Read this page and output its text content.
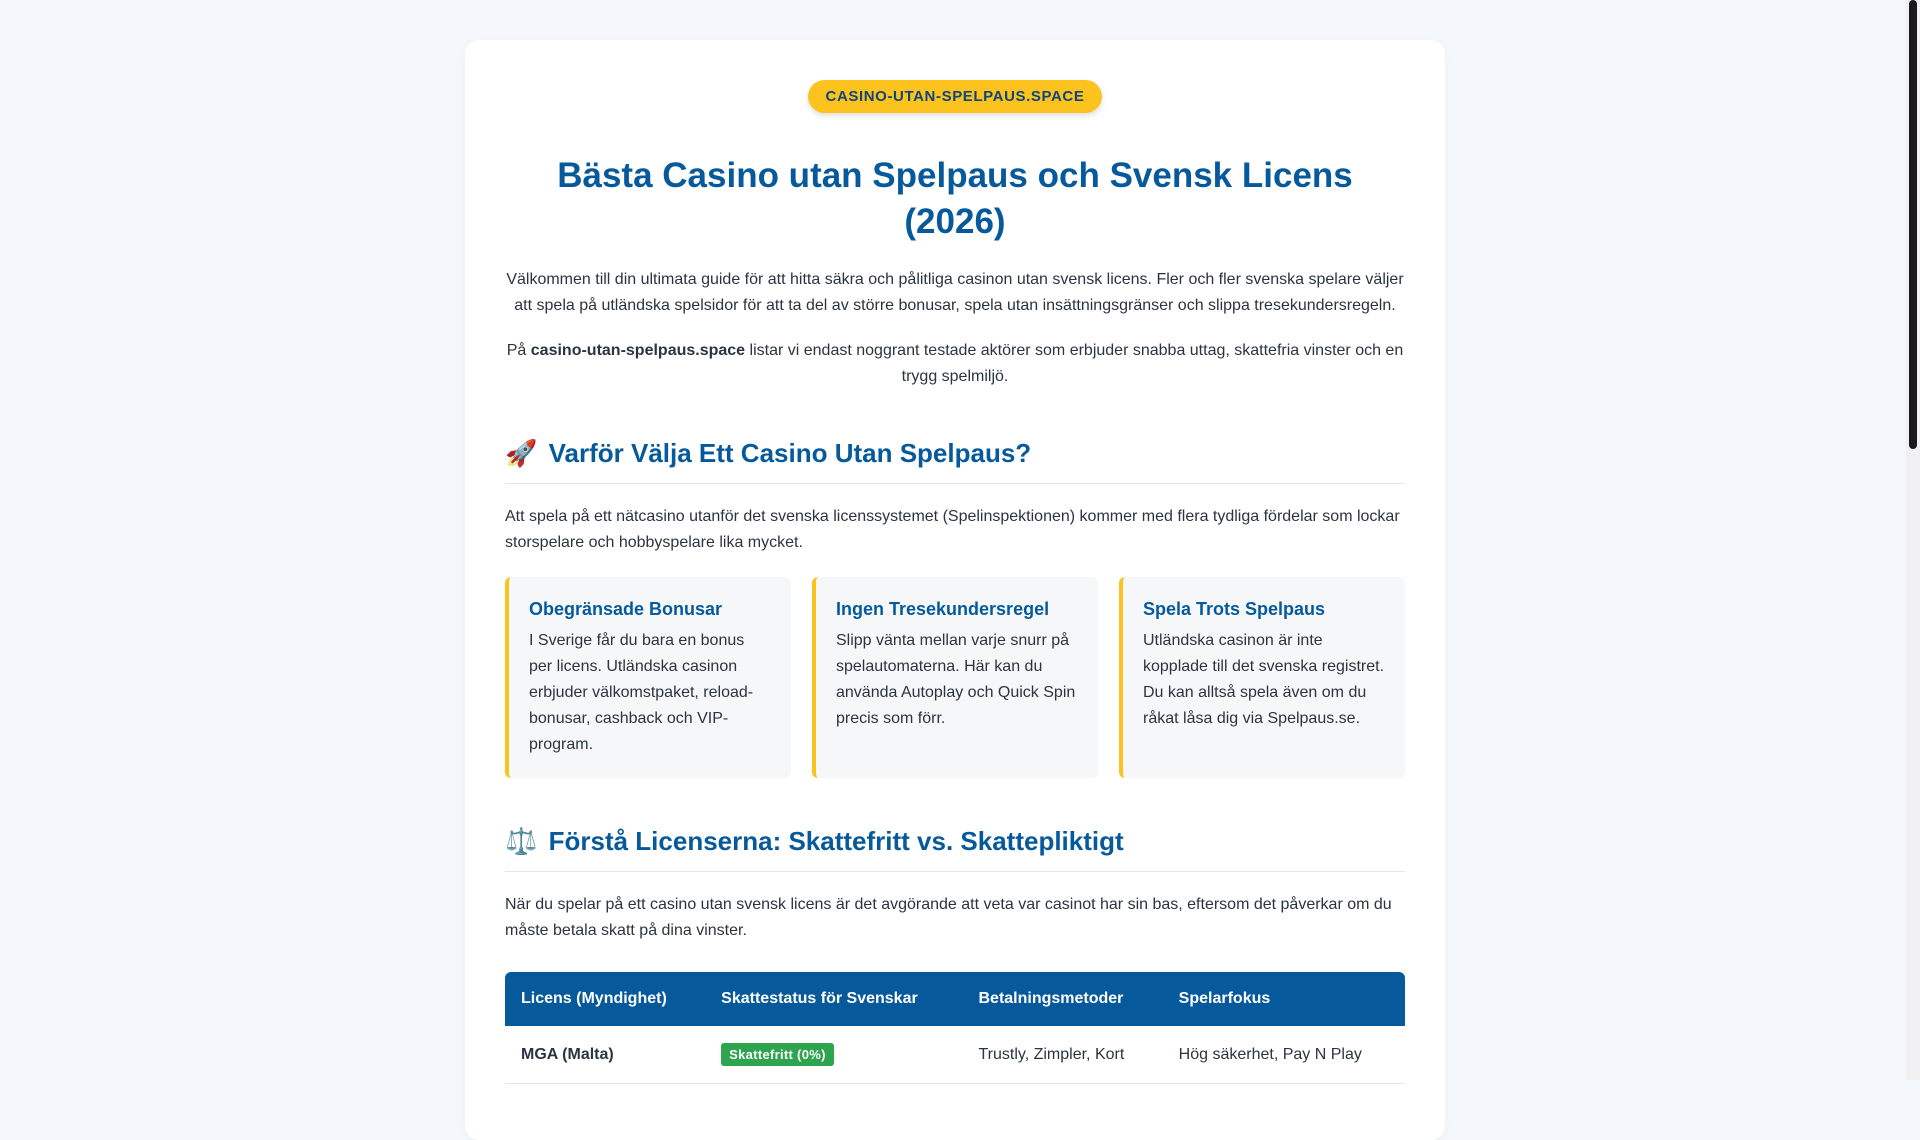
CASINO-UTAN-SPELPAUS.SPACE
Bästa Casino utan Spelpaus och Svensk Licens (2026)

Välkommen till din ultimata guide för att hitta säkra och pålitliga casinon utan svensk licens. Fler och fler svenska spelare väljer att spela på utländska spelsidor för att ta del av större bonusar, spela utan insättningsgränser och slippa tresekundersregeln.

På casino-utan-spelpaus.space listar vi endast noggrant testade aktörer som erbjuder snabba uttag, skattefria vinster och en trygg spelmiljö.

🚀 Varför Välja Ett Casino Utan Spelpaus?

Att spela på ett nätcasino utanför det svenska licenssystemet (Spelinspektionen) kommer med flera tydliga fördelar som lockar storspelare och hobbyspelare lika mycket.

Obegränsade Bonusar

I Sverige får du bara en bonus per licens. Utländska casinon erbjuder välkomstpaket, reload-bonusar, cashback och VIP-program.

Ingen Tresekundersregel

Slipp vänta mellan varje snurr på spelautomaterna. Här kan du använda Autoplay och Quick Spin precis som förr.

Spela Trots Spelpaus

Utländska casinon är inte kopplade till det svenska registret. Du kan alltså spela även om du råkat låsa dig via Spelpaus.se.

⚖️ Förstå Licenserna: Skattefritt vs. Skattepliktigt

När du spelar på ett casino utan svensk licens är det avgörande att veta var casinot har sin bas, eftersom det påverkar om du måste betala skatt på dina vinster.

Licens (Myndighet)	Skattestatus för Svenskar	Betalningsmetoder	Spelarfokus
MGA (Malta)	Skattefritt (0%)	Trustly, Zimpler, Kort	Hög säkerhet, Pay N Play
